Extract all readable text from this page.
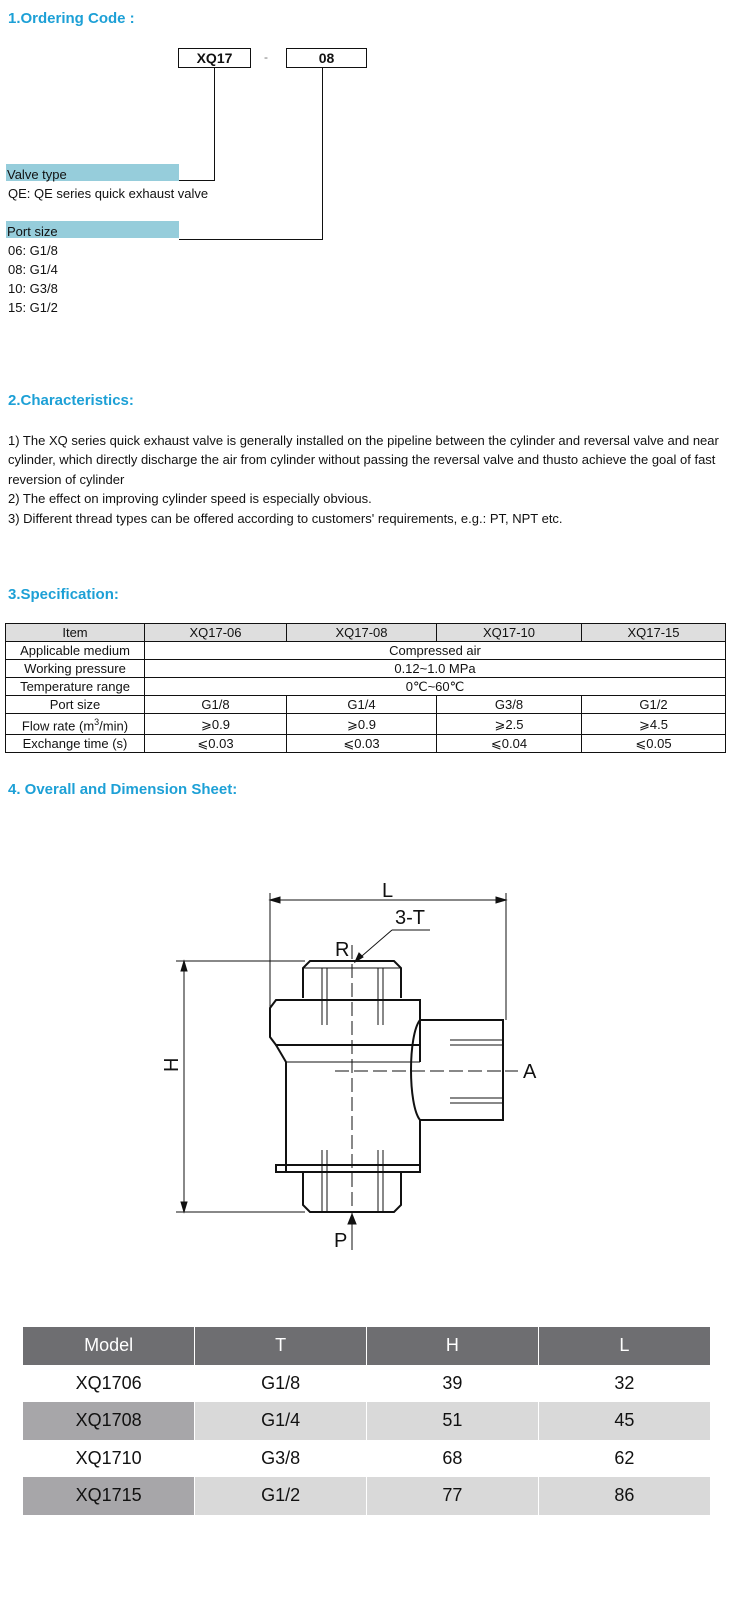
1.Ordering Code :
XQ17	-	08
Valve type

QE: QE series quick exhaust valve

Port size

06: G1/8

08: G1/4

10: G3/8

15: G1/2

2.Characteristics:

1) The XQ series quick exhaust valve is generally installed on the pipeline between the cylinder and reversal valve and near cylinder, which directly discharge the air from cylinder without passing the reversal valve and thusto achieve the goal of fast reversion of cylinder

2) The effect on improving cylinder speed is especially obvious.

3) Different thread types can be offered according to customers' requirements, e.g.: PT, NPT etc.

3.Specification:
Item	XQ17-06	XQ17-08	XQ17-10	XQ17-15
Applicable medium	Compressed air			
Working pressure	0.12~1.0 MPa			
Temperature range	0℃~60℃			
Port size	G1/8	G1/4	G3/8	G1/2
Flow rate $(m^3/\min)$	⩾0.9	⩾0.9	⩾2.5	⩾4.5
Exchange time (s)	⩽0.03	⩽0.03	⩽0.04	⩽0.05
4. Overall and Dimension Sheet:
L
3-T
R
H	A
P
Model	T	H	L
XQ1706	G1/8	39	32
XQ1708	G1/4	51	45
XQ1710	G3/8	68	62
XQ1715	G1/2	77	86
